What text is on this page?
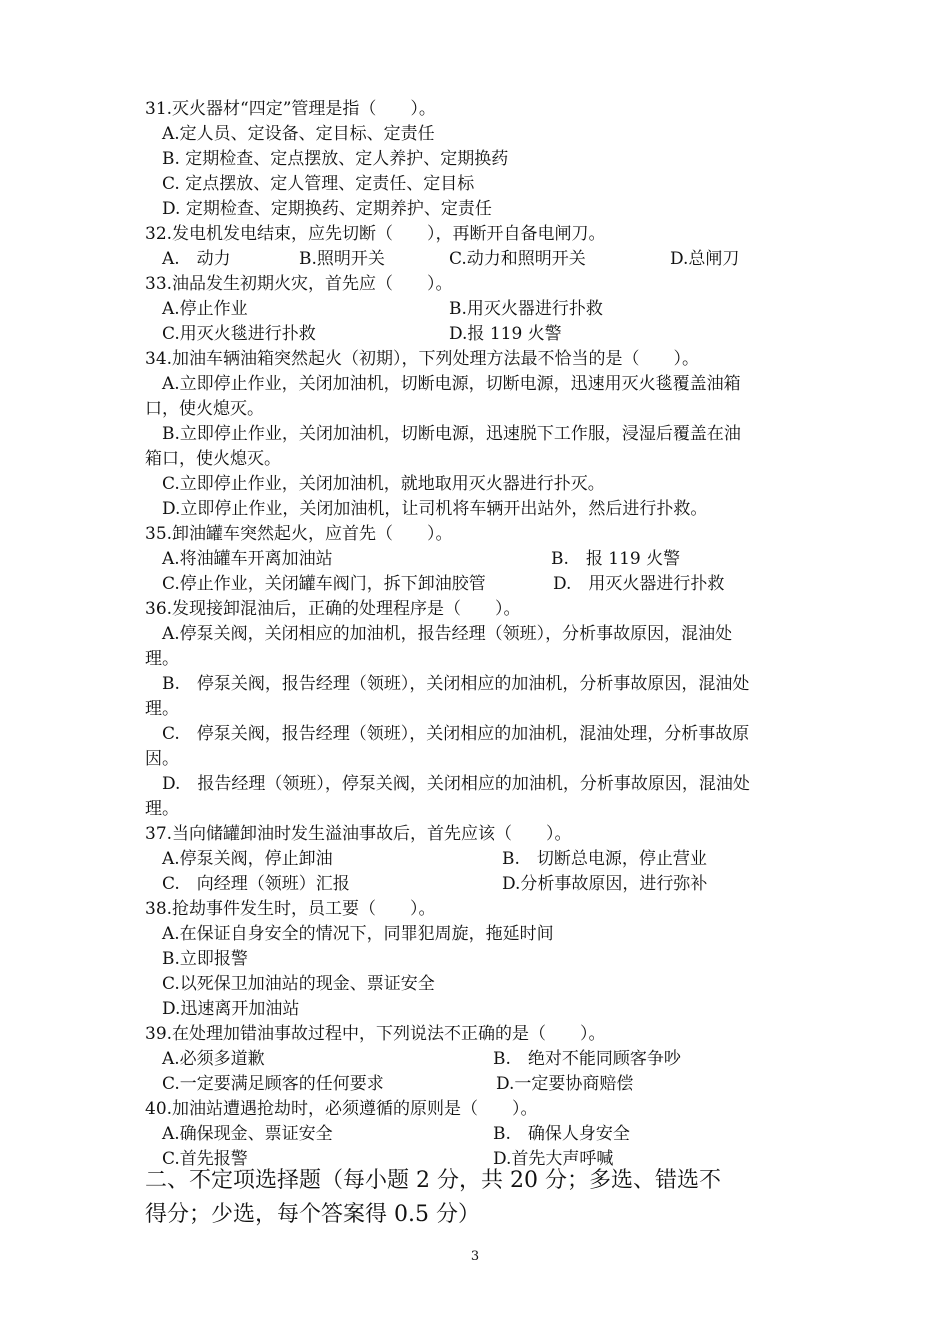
31.灭火器材“四定”管理是指（　　）。
A.定人员、定设备、定目标、定责任
B. 定期检查、定点摆放、定人养护、定期换药
C. 定点摆放、定人管理、定责任、定目标
D. 定期检查、定期换药、定期养护、定责任
32.发电机发电结束，应先切断（　　），再断开自备电闸刀。
A.　动力	B.照明开关	C.动力和照明开关	D.总闸刀
33.油品发生初期火灾，首先应（　　）。
A.停止作业	B.用灭火器进行扑救
C.用灭火毯进行扑救	D.报 119 火警
34.加油车辆油箱突然起火（初期），下列处理方法最不恰当的是（　　）。
A.立即停止作业，关闭加油机，切断电源，切断电源，迅速用灭火毯覆盖油箱
口，使火熄灭。
B.立即停止作业，关闭加油机，切断电源，迅速脱下工作服，浸湿后覆盖在油
箱口，使火熄灭。
C.立即停止作业，关闭加油机，就地取用灭火器进行扑灭。
D.立即停止作业，关闭加油机，让司机将车辆开出站外，然后进行扑救。
35.卸油罐车突然起火，应首先（　　）。
A.将油罐车开离加油站	B.　报 119 火警
C.停止作业，关闭罐车阀门，拆下卸油胶管	D.　用灭火器进行扑救
36.发现接卸混油后，正确的处理程序是（　　）。
A.停泵关阀，关闭相应的加油机，报告经理（领班），分析事故原因，混油处
理。
B.　停泵关阀，报告经理（领班），关闭相应的加油机，分析事故原因，混油处
理。
C.　停泵关阀，报告经理（领班），关闭相应的加油机，混油处理，分析事故原
因。
D.　报告经理（领班），停泵关阀，关闭相应的加油机，分析事故原因，混油处
理。
37.当向储罐卸油时发生溢油事故后，首先应该（　　）。
A.停泵关阀，停止卸油	B.　切断总电源，停止营业
C.　向经理（领班）汇报	D.分析事故原因，进行弥补
38.抢劫事件发生时，员工要（　　）。
A.在保证自身安全的情况下，同罪犯周旋，拖延时间
B.立即报警
C.以死保卫加油站的现金、票证安全
D.迅速离开加油站
39.在处理加错油事故过程中，下列说法不正确的是（　　）。
A.必须多道歉	B.　绝对不能同顾客争吵
C.一定要满足顾客的任何要求	D.一定要协商赔偿
40.加油站遭遇抢劫时，必须遵循的原则是（　　）。
A.确保现金、票证安全	B.　确保人身安全
C.首先报警	D.首先大声呼喊
二、不定项选择题（每小题 2 分，共 20 分；多选、错选不
得分；少选，每个答案得 0.5 分）
3
